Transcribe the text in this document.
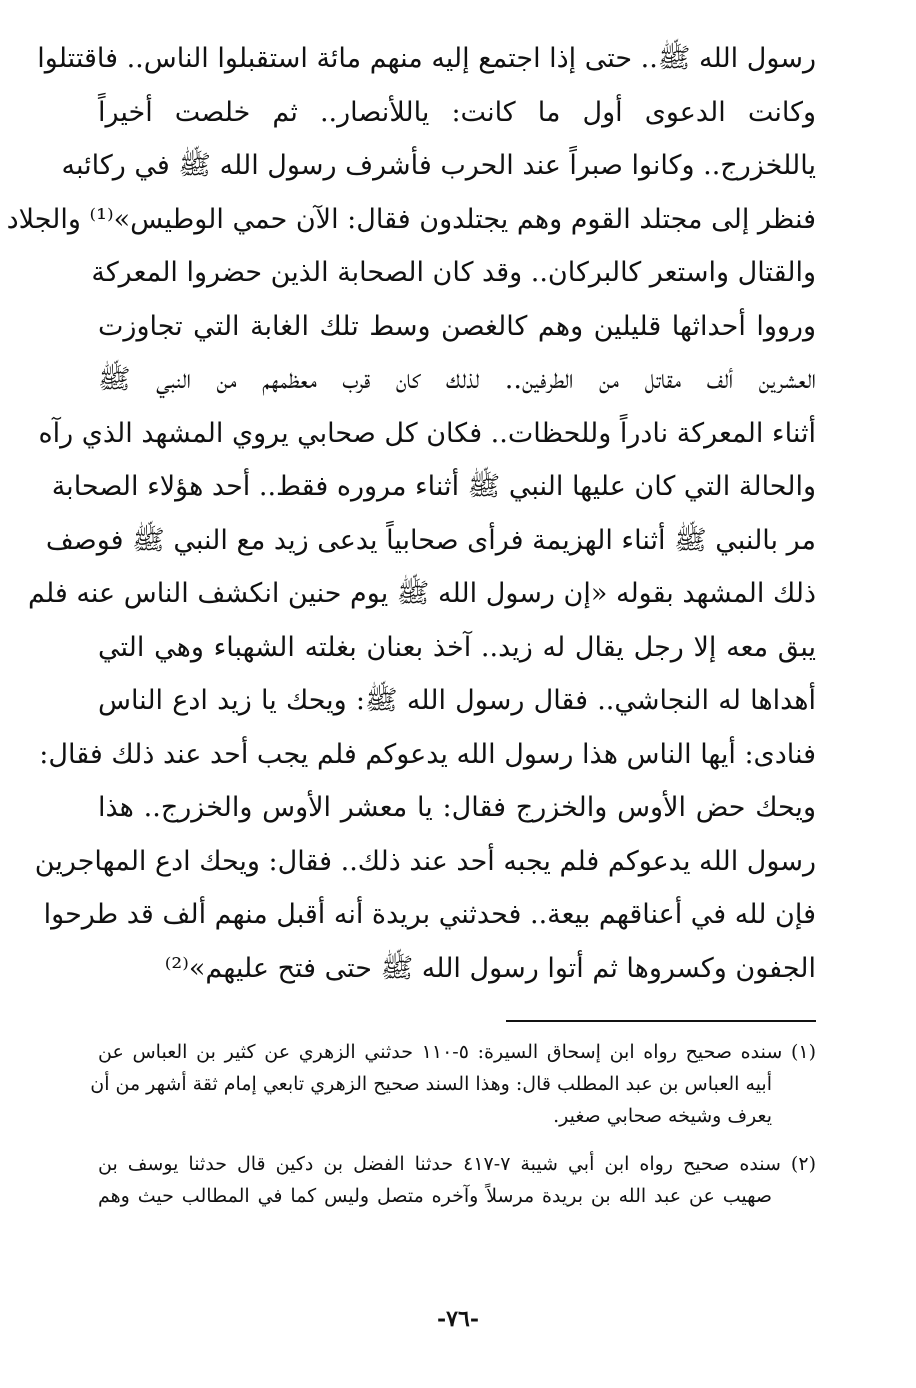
رسول الله ﷺ.. حتى إذا اجتمع إليه منهم مائة استقبلوا الناس.. فاقتتلوا
وكانت الدعوى أول ما كانت: ياللأنصار.. ثم خلصت أخيراً
ياللخزرج.. وكانوا صبراً عند الحرب فأشرف رسول الله ﷺ في ركائبه
فنظر إلى مجتلد القوم وهم يجتلدون فقال: الآن حمي الوطيس»⁽¹⁾ والجلاد
والقتال واستعر كالبركان.. وقد كان الصحابة الذين حضروا المعركة
ورووا أحداثها قليلين وهم كالغصن وسط تلك الغابة التي تجاوزت
العشرين ألف مقاتل من الطرفين.. لذلك كان قرب معظمهم من النبي ﷺ
أثناء المعركة نادراً وللحظات.. فكان كل صحابي يروي المشهد الذي رآه
والحالة التي كان عليها النبي ﷺ أثناء مروره فقط.. أحد هؤلاء الصحابة
مر بالنبي ﷺ أثناء الهزيمة فرأى صحابياً يدعى زيد مع النبي ﷺ فوصف
ذلك المشهد بقوله «إن رسول الله ﷺ يوم حنين انكشف الناس عنه فلم
يبق معه إلا رجل يقال له زيد.. آخذ بعنان بغلته الشهباء وهي التي
أهداها له النجاشي.. فقال رسول الله ﷺ: ويحك يا زيد ادع الناس
فنادى: أيها الناس هذا رسول الله يدعوكم فلم يجب أحد عند ذلك فقال:
ويحك حض الأوس والخزرج فقال: يا معشر الأوس والخزرج.. هذا
رسول الله يدعوكم فلم يجبه أحد عند ذلك.. فقال: ويحك ادع المهاجرين
فإن لله في أعناقهم بيعة.. فحدثني بريدة أنه أقبل منهم ألف قد طرحوا
الجفون وكسروها ثم أتوا رسول الله ﷺ حتى فتح عليهم»⁽²⁾
(١) سنده صحيح رواه ابن إسحاق السيرة: ٥-١١٠ حدثني الزهري عن كثير بن العباس عن
أبيه العباس بن عبد المطلب قال: وهذا السند صحيح الزهري تابعي إمام ثقة أشهر من أن
يعرف وشيخه صحابي صغير.
(٢) سنده صحيح رواه ابن أبي شيبة ٧-٤١٧ حدثنا الفضل بن دكين قال حدثنا يوسف بن
صهيب عن عبد الله بن بريدة مرسلاً وآخره متصل وليس كما في المطالب حيث وهم
-٧٦-
